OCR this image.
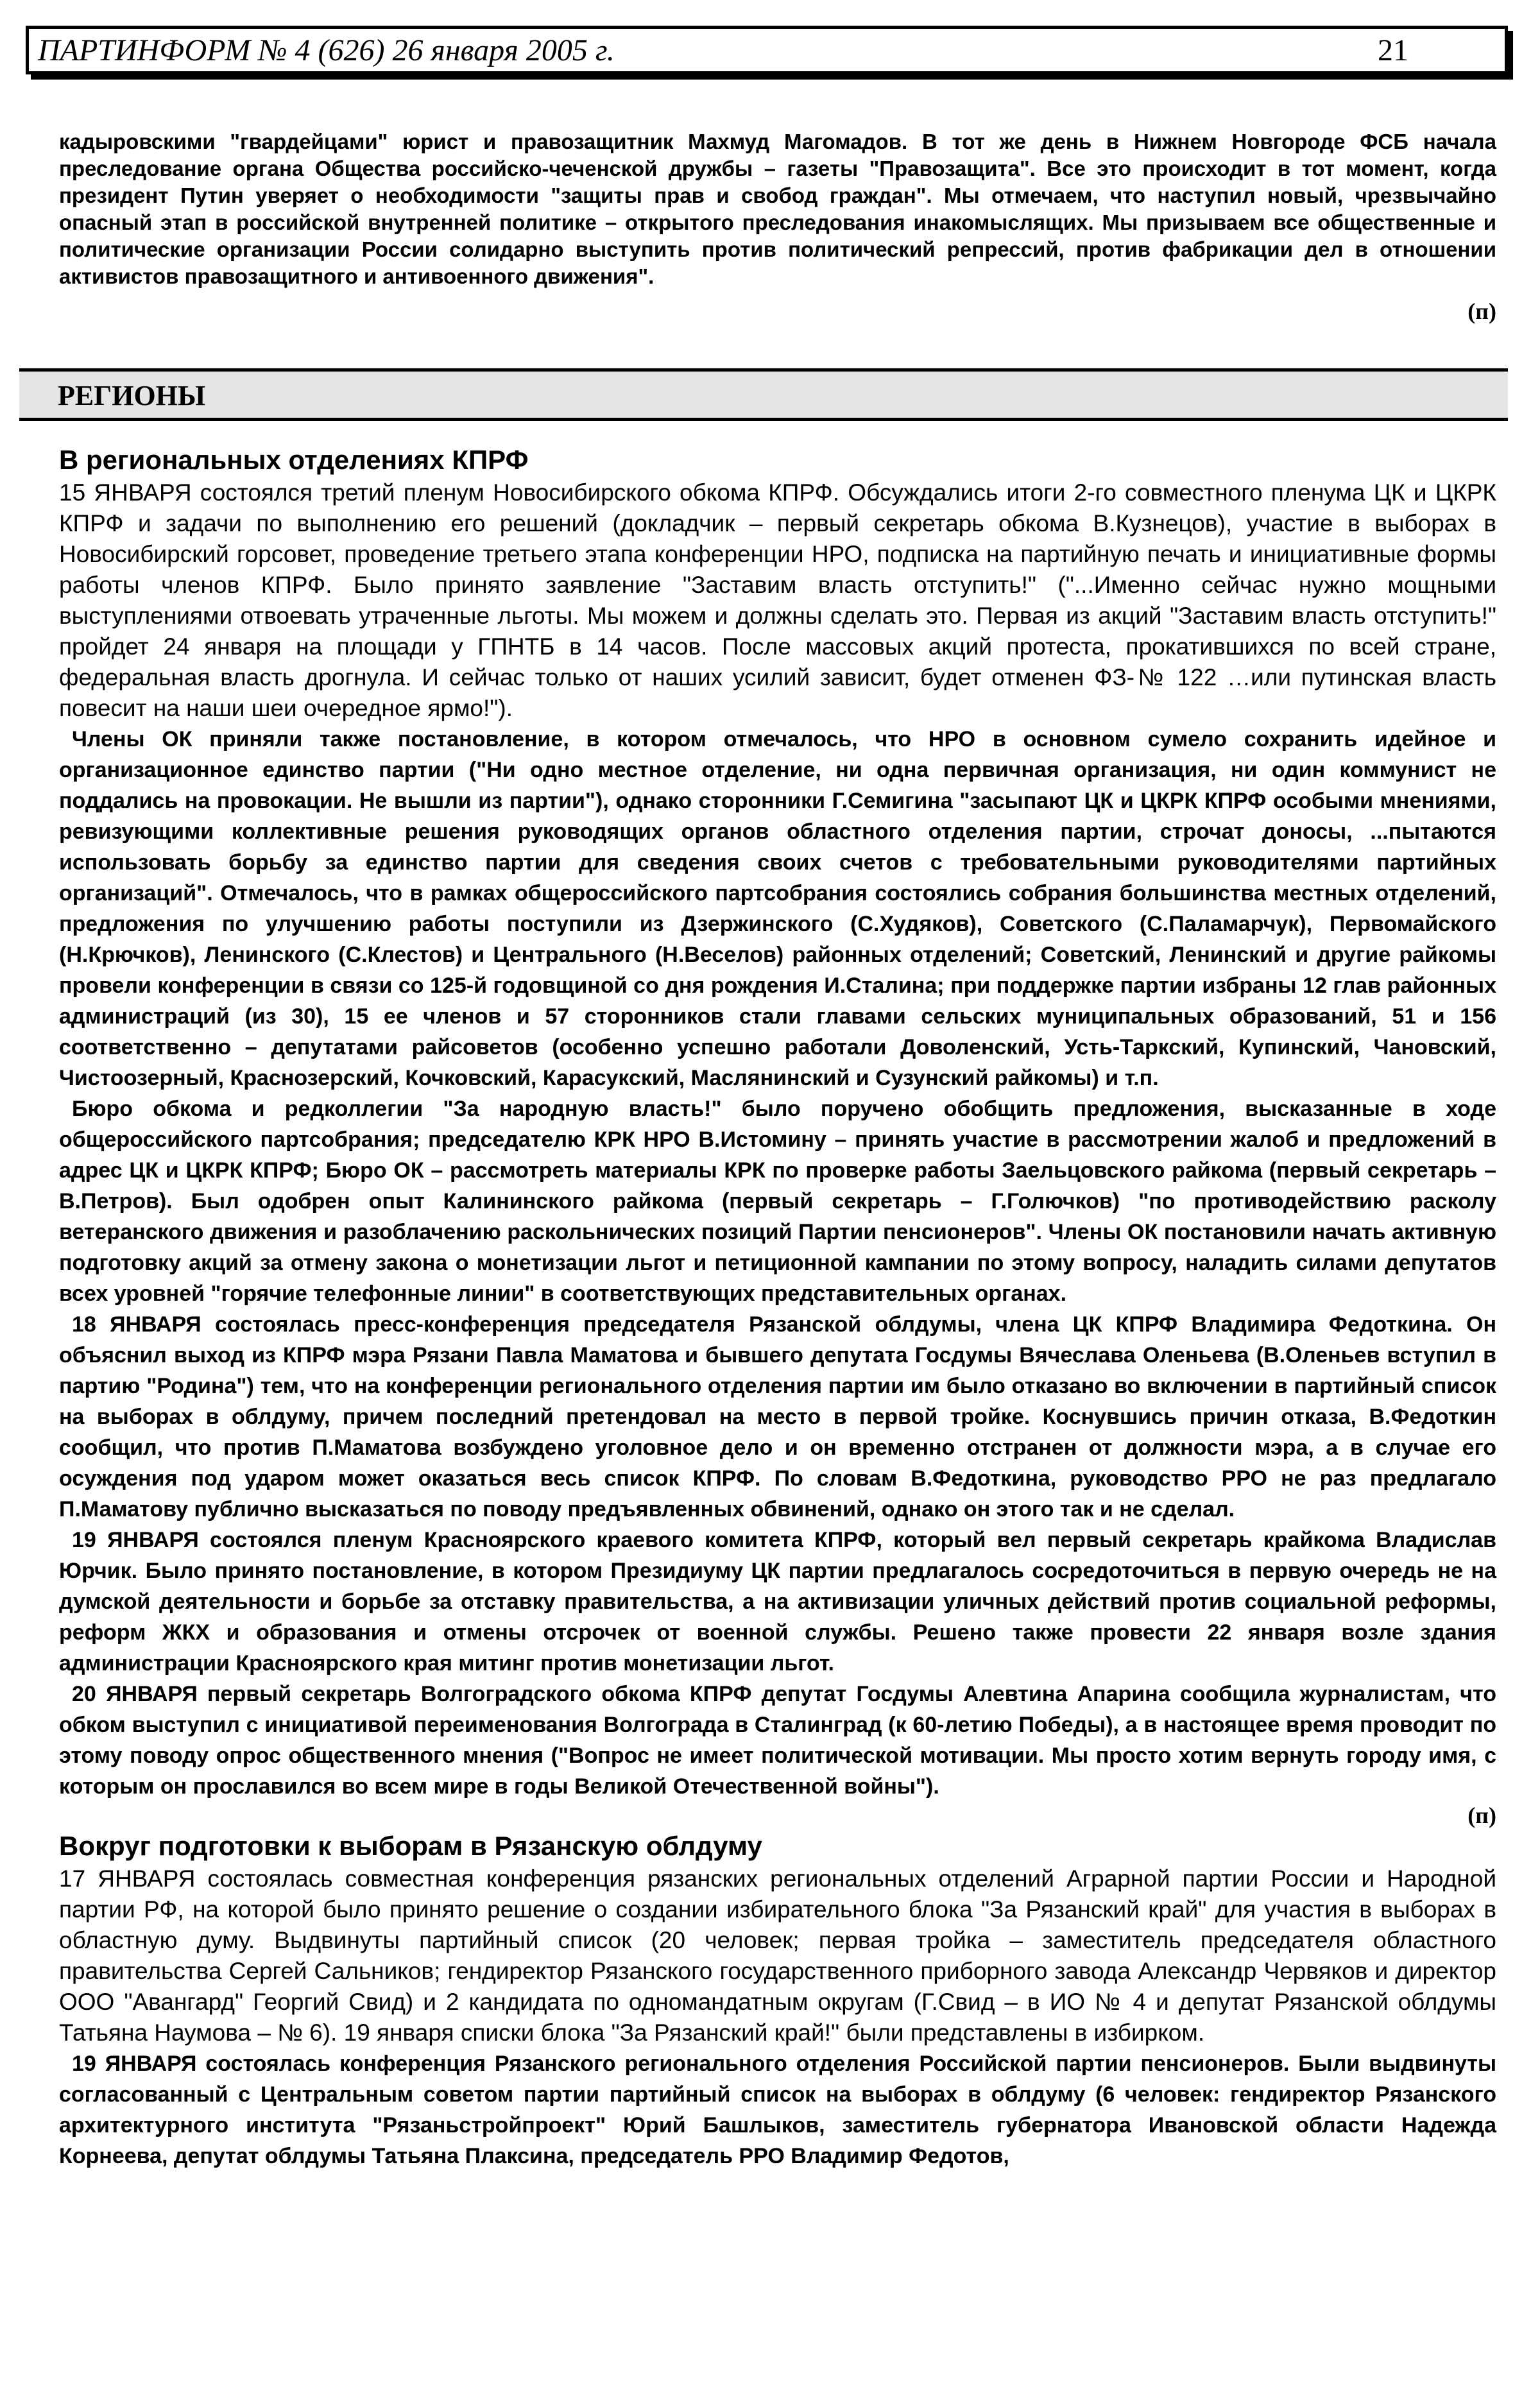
ПАРТИНФОРМ № 4 (626) 26 января 2005 г.	21

кадыровскими "гвардейцами" юрист и правозащитник Махмуд Магомадов. В тот же день в Нижнем Новгороде ФСБ начала преследование органа Общества российско-чеченской дружбы – газеты "Правозащита". Все это происходит в тот момент, когда президент Путин уверяет о необходимости "защиты прав и свобод граждан". Мы отмечаем, что наступил новый, чрезвычайно опасный этап в российской внутренней политике – открытого преследования инакомыслящих. Мы призываем все общественные и политические организации России солидарно выступить против политический репрессий, против фабрикации дел в отношении активистов правозащитного и антивоенного движения".

(п)

РЕГИОНЫ
В региональных отделениях КПРФ

15 ЯНВАРЯ состоялся третий пленум Новосибирского обкома КПРФ. Обсуждались итоги 2-го совместного пленума ЦК и ЦКРК КПРФ и задачи по выполнению его решений (докладчик – первый секретарь обкома В.Кузнецов), участие в выборах в Новосибирский горсовет, проведение третьего этапа конференции НРО, подписка на партийную печать и инициативные формы работы членов КПРФ. Было принято заявление "Заставим власть отступить!" ("...Именно сейчас нужно мощными выступлениями отвоевать утраченные льготы. Мы можем и должны сделать это. Первая из акций "Заставим власть отступить!" пройдет 24 января на площади у ГПНТБ в 14 часов. После массовых акций протеста, прокатившихся по всей стране, федеральная власть дрогнула. И сейчас только от наших усилий зависит, будет отменен ФЗ-№ 122 …или путинская власть повесит на наши шеи очередное ярмо!").

Члены ОК приняли также постановление, в котором отмечалось, что НРО в основном сумело сохранить идейное и организационное единство партии ("Ни одно местное отделение, ни одна первичная организация, ни один коммунист не поддались на провокации. Не вышли из партии"), однако сторонники Г.Семигина "засыпают ЦК и ЦКРК КПРФ особыми мнениями, ревизующими коллективные решения руководящих органов областного отделения партии, строчат доносы, ...пытаются использовать борьбу за единство партии для сведения своих счетов с требовательными руководителями партийных организаций". Отмечалось, что в рамках общероссийского партсобрания состоялись собрания большинства местных отделений, предложения по улучшению работы поступили из Дзержинского (С.Худяков), Советского (С.Паламарчук), Первомайского (Н.Крючков), Ленинского (С.Клестов) и Центрального (Н.Веселов) районных отделений; Советский, Ленинский и другие райкомы провели конференции в связи со 125-й годовщиной со дня рождения И.Сталина; при поддержке партии избраны 12 глав районных администраций (из 30), 15 ее членов и 57 сторонников стали главами сельских муниципальных образований, 51 и 156 соответственно – депутатами райсоветов (особенно успешно работали Доволенский, Усть-Таркский, Купинский, Чановский, Чистоозерный, Краснозерский, Кочковский, Карасукский, Маслянинский и Сузунский райкомы) и т.п.

Бюро обкома и редколлегии "За народную власть!" было поручено обобщить предложения, высказанные в ходе общероссийского партсобрания; председателю КРК НРО В.Истомину – принять участие в рассмотрении жалоб и предложений в адрес ЦК и ЦКРК КПРФ; Бюро ОК – рассмотреть материалы КРК по проверке работы Заельцовского райкома (первый секретарь – В.Петров). Был одобрен опыт Калининского райкома (первый секретарь – Г.Голючков) "по противодействию расколу ветеранского движения и разоблачению раскольнических позиций Партии пенсионеров". Члены ОК постановили начать активную подготовку акций за отмену закона о монетизации льгот и петиционной кампании по этому вопросу, наладить силами депутатов всех уровней "горячие телефонные линии" в соответствующих представительных органах.

18 ЯНВАРЯ состоялась пресс-конференция председателя Рязанской облдумы, члена ЦК КПРФ Владимира Федоткина. Он объяснил выход из КПРФ мэра Рязани Павла Маматова и бывшего депутата Госдумы Вячеслава Оленьева (В.Оленьев вступил в партию "Родина") тем, что на конференции регионального отделения партии им было отказано во включении в партийный список на выборах в облдуму, причем последний претендовал на место в первой тройке. Коснувшись причин отказа, В.Федоткин сообщил, что против П.Маматова возбуждено уголовное дело и он временно отстранен от должности мэра, а в случае его осуждения под ударом может оказаться весь список КПРФ. По словам В.Федоткина, руководство РРО не раз предлагало П.Маматову публично высказаться по поводу предъявленных обвинений, однако он этого так и не сделал.

19 ЯНВАРЯ состоялся пленум Красноярского краевого комитета КПРФ, который вел первый секретарь крайкома Владислав Юрчик. Было принято постановление, в котором Президиуму ЦК партии предлагалось сосредоточиться в первую очередь не на думской деятельности и борьбе за отставку правительства, а на активизации уличных действий против социальной реформы, реформ ЖКХ и образования и отмены отсрочек от военной службы. Решено также провести 22 января возле здания администрации Красноярского края митинг против монетизации льгот.

20 ЯНВАРЯ первый секретарь Волгоградского обкома КПРФ депутат Госдумы Алевтина Апарина сообщила журналистам, что обком выступил с инициативой переименования Волгограда в Сталинград (к 60-летию Победы), а в настоящее время проводит по этому поводу опрос общественного мнения ("Вопрос не имеет политической мотивации. Мы просто хотим вернуть городу имя, с которым он прославился во всем мире в годы Великой Отечественной войны").

(п)

Вокруг подготовки к выборам в Рязанскую облдуму

17 ЯНВАРЯ состоялась совместная конференция рязанских региональных отделений Аграрной партии России и Народной партии РФ, на которой было принято решение о создании избирательного блока "За Рязанский край" для участия в выборах в областную думу. Выдвинуты партийный список (20 человек; первая тройка – заместитель председателя областного правительства Сергей Сальников; гендиректор Рязанского государственного приборного завода Александр Червяков и директор ООО "Авангард" Георгий Свид) и 2 кандидата по одномандатным округам (Г.Свид – в ИО № 4 и депутат Рязанской облдумы Татьяна Наумова – № 6). 19 января списки блока "За Рязанский край!" были представлены в избирком.

19 ЯНВАРЯ состоялась конференция Рязанского регионального отделения Российской партии пенсионеров. Были выдвинуты согласованный с Центральным советом партии партийный список на выборах в облдуму (6 человек: гендиректор Рязанского архитектурного института "Рязаньстройпроект" Юрий Башлыков, заместитель губернатора Ивановской области Надежда Корнеева, депутат облдумы Татьяна Плаксина, председатель РРО Владимир Федотов,
